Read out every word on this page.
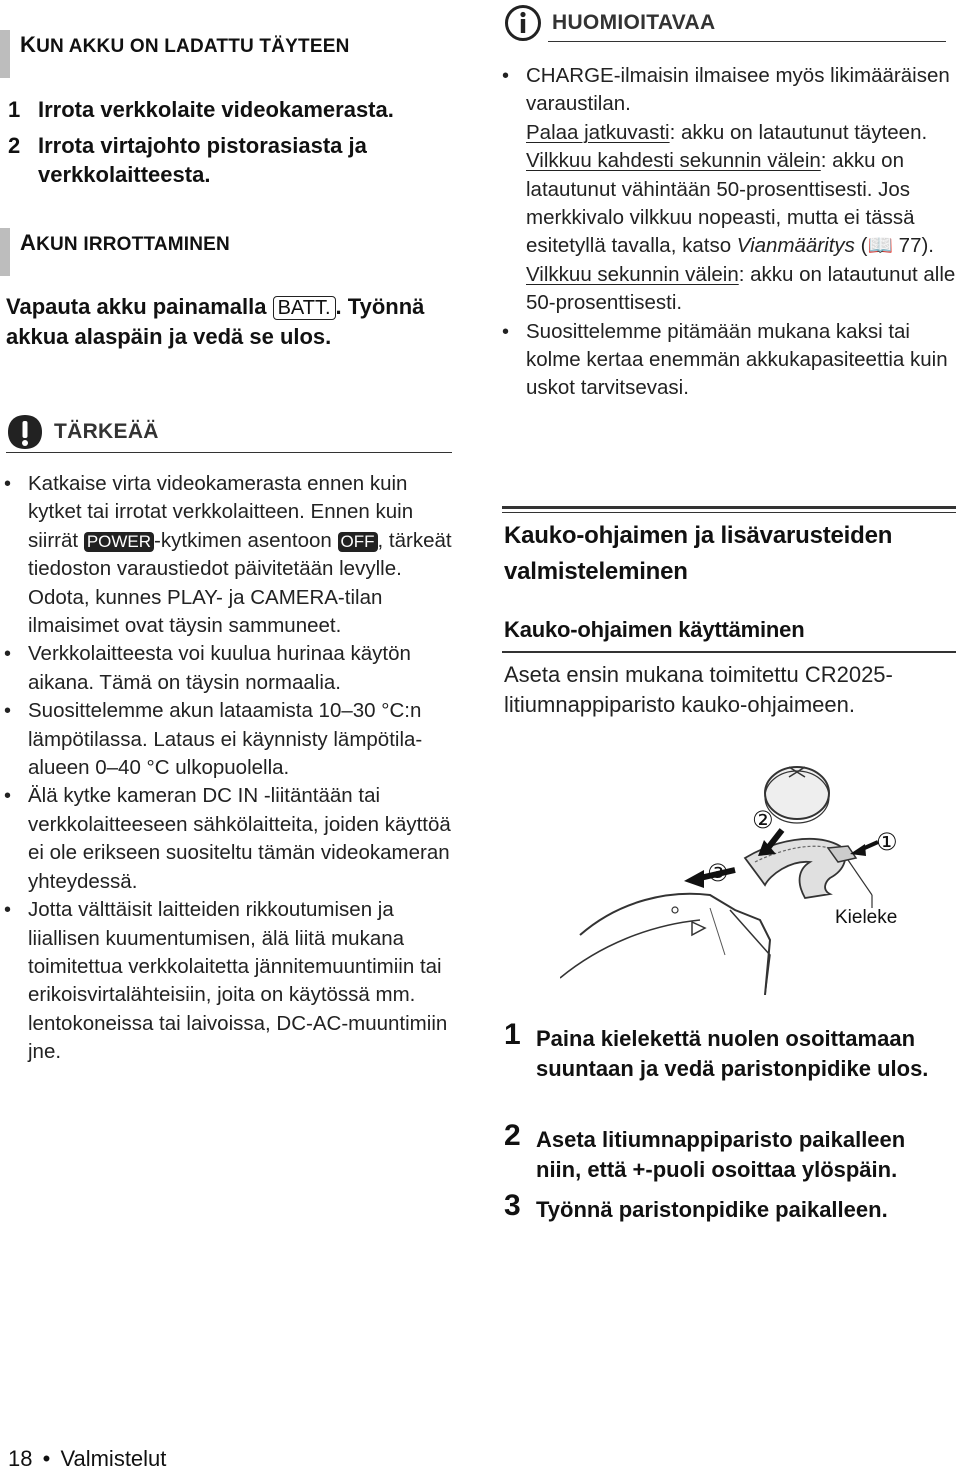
KUN AKKU ON LADATTU TÄYTEEN
1 Irrota verkkolaite videokamerasta.
2 Irrota virtajohto pistorasiasta ja verkkolaitteesta.
AKUN IRROTTAMINEN
Vapauta akku painamalla BATT. . Työnnä akkua alaspäin ja vedä se ulos.
TÄRKEÄÄ
• Katkaise virta videokamerasta ennen kuin kytket tai irrotat verkkolaitteen. Ennen kuin siirrät POWER -kytkimen asentoon OFF , tärkeät tiedoston varaustiedot päivitetään levylle. Odota, kunnes PLAY- ja CAMERA-tilan ilmaisimet ovat täysin sammuneet.
• Verkkolaitteesta voi kuulua hurinaa käytön aikana. Tämä on täysin normaalia.
• Suosittelemme akun lataamista 10–30 °C:n lämpötilassa. Lataus ei käynnisty lämpötila-alueen 0–40 °C ulkopuolella.
• Älä kytke kameran DC IN -liitäntään tai verkkolaitteeseen sähkölaitteita, joiden käyttöä ei ole erikseen suositeltu tämän videokameran yhteydessä.
• Jotta välttäisit laitteiden rikkoutumisen ja liiallisen kuumentumisen, älä liitä mukana toimitettua verkkolaitetta jännitemuuntimiin tai erikoisvirtalähteisiin, joita on käytössä mm. lentokoneissa tai laivoissa, DC-AC-muuntimiin jne.
HUOMIOITAVAA
• CHARGE-ilmaisin ilmaisee myös likimääräisen varaustilan.
Palaa jatkuvasti: akku on latautunut täyteen.
Vilkkuu kahdesti sekunnin välein: akku on latautunut vähintään 50-prosenttisesti. Jos merkkivalo vilkkuu nopeasti, mutta ei tässä esitetyllä tavalla, katso Vianmääritys (📖 77).
Vilkkuu sekunnin välein: akku on latautunut alle 50-prosenttisesti.
• Suosittelemme pitämään mukana kaksi tai kolme kertaa enemmän akkukapasiteettia kuin uskot tarvitsevasi.
Kauko-ohjaimen ja lisävarusteiden valmisteleminen
Kauko-ohjaimen käyttäminen
Aseta ensin mukana toimitettu CR2025-litiumnappiparisto kauko-ohjaimeen.
①
②
③
Kieleke
1 Paina kielekettä nuolen osoittamaan suuntaan ja vedä paristonpidike ulos.
2 Aseta litiumnappiparisto paikalleen niin, että +-puoli osoittaa ylöspäin.
3 Työnnä paristonpidike paikalleen.
18 • Valmistelut
